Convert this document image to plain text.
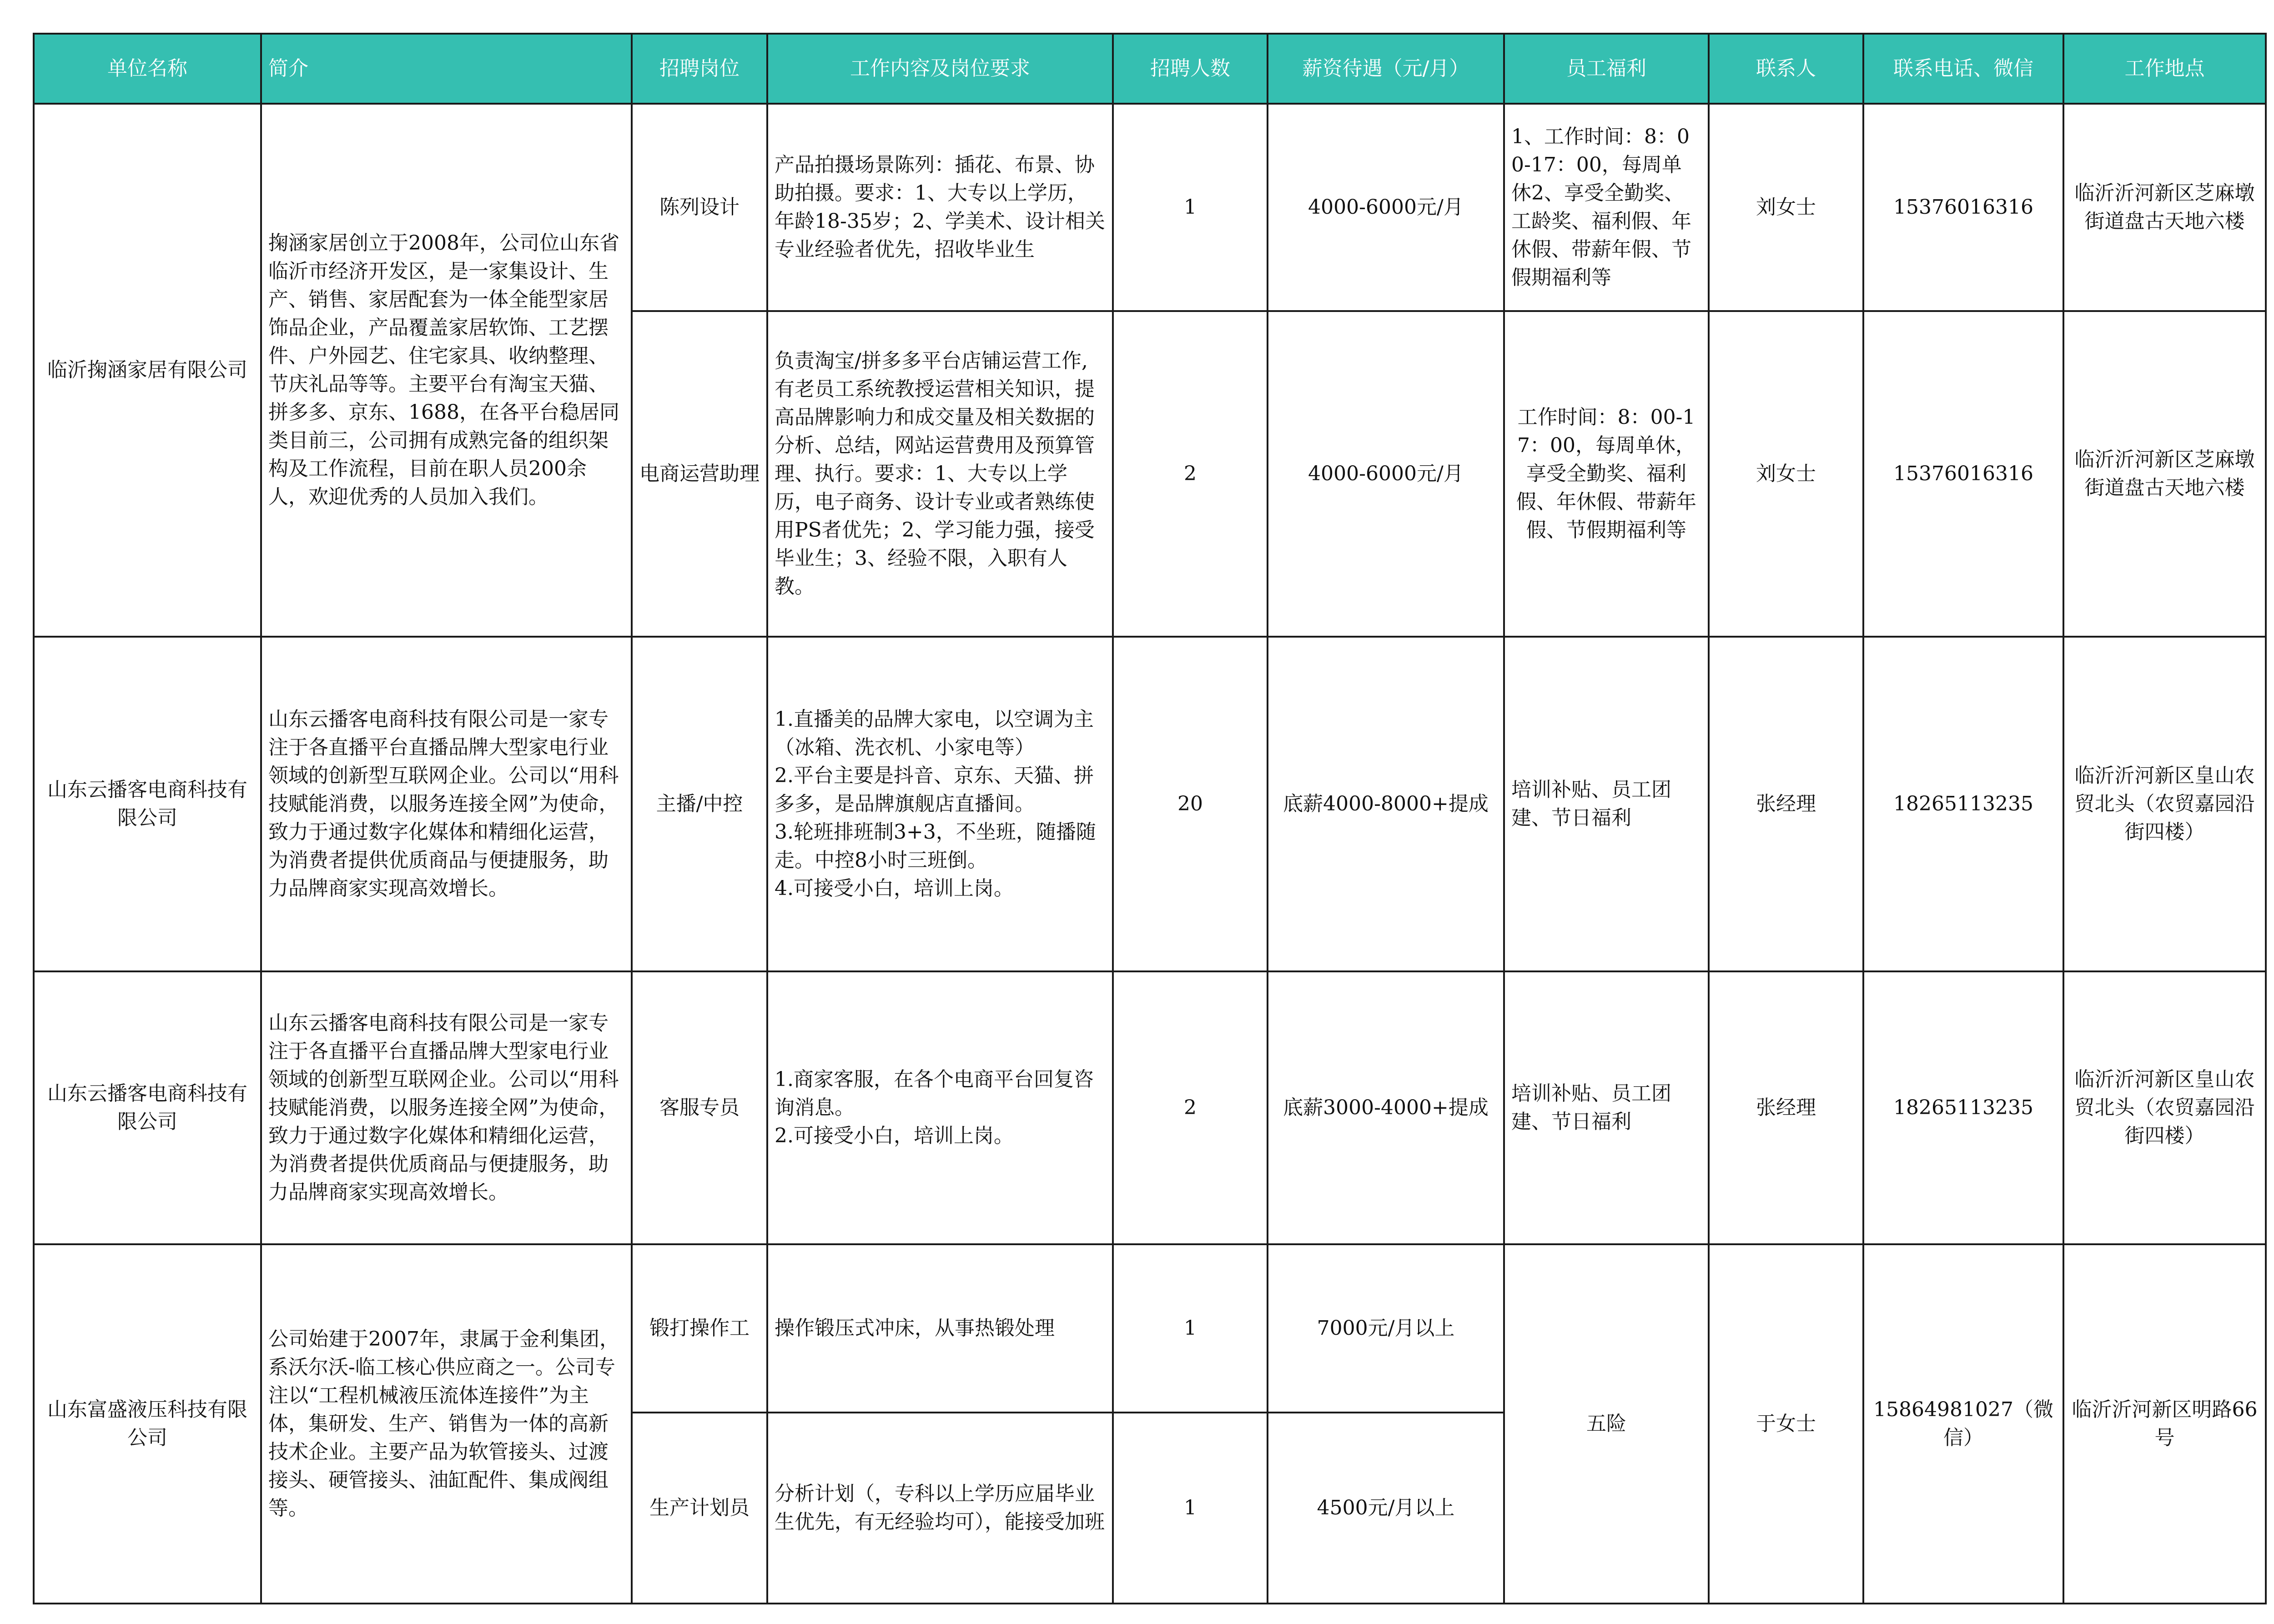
单位名称	简介	招聘岗位	工作内容及岗位要求	招聘人数	薪资待遇（元/月）	员工福利	联系人	联系电话、微信	工作地点
临沂掬涵家居有限公司	掬涵家居创立于2008年，公司位山东省临沂市经济开发区，是一家集设计、生产、销售、家居配套为一体全能型家居饰品企业，产品覆盖家居软饰、工艺摆件、户外园艺、住宅家具、收纳整理、节庆礼品等等。主要平台有淘宝天猫、拼多多、京东、1688，在各平台稳居同类目前三，公司拥有成熟完备的组织架构及工作流程，目前在职人员200余人，欢迎优秀的人员加入我们。	陈列设计	产品拍摄场景陈列：插花、布景、协助拍摄。要求：1、大专以上学历，年龄18-35岁；2、学美术、设计相关专业经验者优先，招收毕业生	1	4000-6000元/月	1、工作时间：8：00-17：00，每周单休2、享受全勤奖、工龄奖、福利假、年休假、带薪年假、节假期福利等	刘女士	15376016316	临沂沂河新区芝麻墩街道盘古天地六楼
		电商运营助理	负责淘宝/拼多多平台店铺运营工作,有老员工系统教授运营相关知识，提高品牌影响力和成交量及相关数据的分析、总结，网站运营费用及预算管理、执行。要求：1、大专以上学历，电子商务、设计专业或者熟练使用PS者优先；2、学习能力强，接受毕业生；3、经验不限，入职有人教。	2	4000-6000元/月	工作时间：8：00-17：00，每周单休，享受全勤奖、福利假、年休假、带薪年假、节假期福利等	刘女士	15376016316	临沂沂河新区芝麻墩街道盘古天地六楼
山东云播客电商科技有限公司	山东云播客电商科技有限公司是一家专注于各直播平台直播品牌大型家电行业领域的创新型互联网企业。公司以“用科技赋能消费，以服务连接全网”为使命，致力于通过数字化媒体和精细化运营，为消费者提供优质商品与便捷服务，助力品牌商家实现高效增长。	主播/中控	1.直播美的品牌大家电，以空调为主（冰箱、洗衣机、小家电等）
2.平台主要是抖音、京东、天猫、拼多多，是品牌旗舰店直播间。
3.轮班排班制3+3，不坐班，随播随走。中控8小时三班倒。
4.可接受小白，培训上岗。	20	底薪4000-8000+提成	培训补贴、员工团建、节日福利	张经理	18265113235	临沂沂河新区皇山农贸北头（农贸嘉园沿街四楼）
山东云播客电商科技有限公司	山东云播客电商科技有限公司是一家专注于各直播平台直播品牌大型家电行业领域的创新型互联网企业。公司以“用科技赋能消费，以服务连接全网”为使命，致力于通过数字化媒体和精细化运营，为消费者提供优质商品与便捷服务，助力品牌商家实现高效增长。	客服专员	1.商家客服，在各个电商平台回复咨询消息。
2.可接受小白，培训上岗。	2	底薪3000-4000+提成	培训补贴、员工团建、节日福利	张经理	18265113235	临沂沂河新区皇山农贸北头（农贸嘉园沿街四楼）
山东富盛液压科技有限公司	公司始建于2007年，隶属于金利集团，系沃尔沃-临工核心供应商之一。公司专注以“工程机械液压流体连接件”为主体，集研发、生产、销售为一体的高新技术企业。主要产品为软管接头、过渡接头、硬管接头、油缸配件、集成阀组等。	锻打操作工	操作锻压式冲床，从事热锻处理	1	7000元/月以上	五险	于女士	15864981027（微信）	临沂沂河新区明路66号
		生产计划员	分析计划（，专科以上学历应届毕业生优先，有无经验均可），能接受加班	1	4500元/月以上				
